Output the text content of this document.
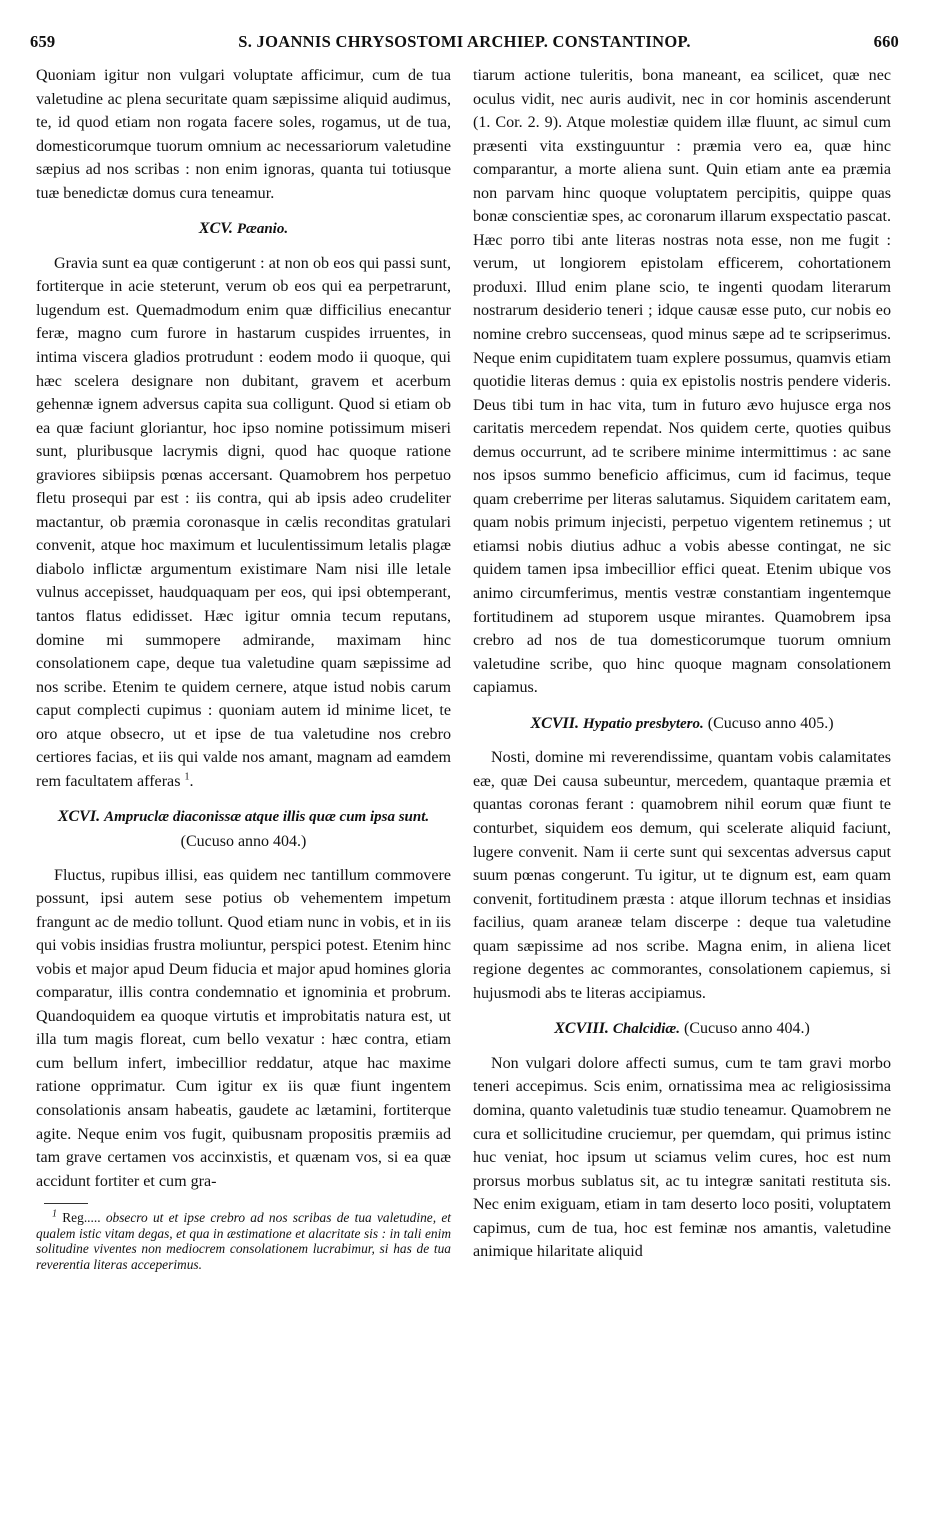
659	S. JOANNIS CHRYSOSTOMI ARCHIEP. CONSTANTINOP.	660

Quoniam igitur non vulgari voluptate afficimur, cum de tua valetudine ac plena securitate quam sæpissime aliquid audimus, te, id quod etiam non rogata facere soles, rogamus, ut de tua, domesticorumque tuorum omnium ac necessariorum valetudine sæpius ad nos scribas : non enim ignoras, quanta tui totiusque tuæ benedictæ domus cura teneamur.

XCV. Pæanio.

Gravia sunt ea quæ contigerunt : at non ob eos qui passi sunt, fortiterque in acie steterunt, verum ob eos qui ea perpetrarunt, lugendum est. Quemadmodum enim quæ difficilius enecantur feræ, magno cum furore in hastarum cuspides irruentes, in intima viscera gladios protrudunt : eodem modo ii quoque, qui hæc scelera designare non dubitant, gravem et acerbum gehennæ ignem adversus capita sua colligunt. Quod si etiam ob ea quæ faciunt gloriantur, hoc ipso nomine potissimum miseri sunt, pluribusque lacrymis digni, quod hac quoque ratione graviores sibiipsis pœnas accersant. Quamobrem hos perpetuo fletu prosequi par est : iis contra, qui ab ipsis adeo crudeliter mactantur, ob præmia coronasque in cælis reconditas gratulari convenit, atque hoc maximum et luculentissimum letalis plagæ diabolo inflictæ argumentum existimare Nam nisi ille letale vulnus accepisset, haudquaquam per eos, qui ipsi obtemperant, tantos flatus edidisset. Hæc igitur omnia tecum reputans, domine mi summopere admirande, maximam hinc consolationem cape, deque tua valetudine quam sæpissime ad nos scribe. Etenim te quidem cernere, atque istud nobis carum caput complecti cupimus : quoniam autem id minime licet, te oro atque obsecro, ut et ipse de tua valetudine nos crebro certiores facias, et iis qui valde nos amant, magnam ad eamdem rem facultatem afferas $^1$.

XCVI. Ampruclæ diaconissæ atque illis quæ cum ipsa sunt. (Cucuso anno 404.)

Fluctus, rupibus illisi, eas quidem nec tantillum commovere possunt, ipsi autem sese potius ob vehementem impetum frangunt ac de medio tollunt. Quod etiam nunc in vobis, et in iis qui vobis insidias frustra moliuntur, perspici potest. Etenim hinc vobis et major apud Deum fiducia et major apud homines gloria comparatur, illis contra condemnatio et ignominia et probrum. Quandoquidem ea quoque virtutis et improbitatis natura est, ut illa tum magis floreat, cum bello vexatur : hæc contra, etiam cum bellum infert, imbecillior reddatur, atque hac maxime ratione opprimatur. Cum igitur ex iis quæ fiunt ingentem consolationis ansam habeatis, gaudete ac lætamini, fortiterque agite. Neque enim vos fugit, quibusnam propositis præmiis ad tam grave certamen vos accinxistis, et quænam vos, si ea quæ accidunt fortiter et cum gra-

$^1$ Reg..... obsecro ut et ipse crebro ad nos scribas de tua valetudine, et qualem istic vitam degas, et qua in æstimatione et alacritate sis : in tali enim solitudine viventes non mediocrem consolationem lucrabimur, si has de tua reverentia literas acceperimus.

tiarum actione tuleritis, bona maneant, ea scilicet, quæ nec oculus vidit, nec auris audivit, nec in cor hominis ascenderunt (1. Cor. 2. 9). Atque molestiæ quidem illæ fluunt, ac simul cum præsenti vita exstinguuntur : præmia vero ea, quæ hinc comparantur, a morte aliena sunt. Quin etiam ante ea præmia non parvam hinc quoque voluptatem percipitis, quippe quas bonæ conscientiæ spes, ac coronarum illarum exspectatio pascat. Hæc porro tibi ante literas nostras nota esse, non me fugit : verum, ut longiorem epistolam efficerem, cohortationem produxi. Illud enim plane scio, te ingenti quodam literarum nostrarum desiderio teneri ; idque causæ esse puto, cur nobis eo nomine crebro succenseas, quod minus sæpe ad te scripserimus. Neque enim cupiditatem tuam explere possumus, quamvis etiam quotidie literas demus : quia ex epistolis nostris pendere videris. Deus tibi tum in hac vita, tum in futuro ævo hujusce erga nos caritatis mercedem rependat. Nos quidem certe, quoties quibus demus occurrunt, ad te scribere minime intermittimus : ac sane nos ipsos summo beneficio afficimus, cum id facimus, teque quam creberrime per literas salutamus. Siquidem caritatem eam, quam nobis primum injecisti, perpetuo vigentem retinemus ; ut etiamsi nobis diutius adhuc a vobis abesse contingat, ne sic quidem tamen ipsa imbecillior effici queat. Etenim ubique vos animo circumferimus, mentis vestræ constantiam ingentemque fortitudinem ad stuporem usque mirantes. Quamobrem ipsa crebro ad nos de tua domesticorumque tuorum omnium valetudine scribe, quo hinc quoque magnam consolationem capiamus.

XCVII. Hypatio presbytero. (Cucuso anno 405.)

Nosti, domine mi reverendissime, quantam vobis calamitates eæ, quæ Dei causa subeuntur, mercedem, quantaque præmia et quantas coronas ferant : quamobrem nihil eorum quæ fiunt te conturbet, siquidem eos demum, qui scelerate aliquid faciunt, lugere convenit. Nam ii certe sunt qui sexcentas adversus caput suum pœnas congerunt. Tu igitur, ut te dignum est, eam quam convenit, fortitudinem præsta : atque illorum technas et insidias facilius, quam araneæ telam discerpe : deque tua valetudine quam sæpissime ad nos scribe. Magna enim, in aliena licet regione degentes ac commorantes, consolationem capiemus, si hujusmodi abs te literas accipiamus.

XCVIII. Chalcidiæ. (Cucuso anno 404.)

Non vulgari dolore affecti sumus, cum te tam gravi morbo teneri accepimus. Scis enim, ornatissima mea ac religiosissima domina, quanto valetudinis tuæ studio teneamur. Quamobrem ne cura et sollicitudine cruciemur, per quemdam, qui primus istinc huc veniat, hoc ipsum ut sciamus velim cures, hoc est num prorsus morbus sublatus sit, ac tu integræ sanitati restituta sis. Nec enim exiguam, etiam in tam deserto loco positi, voluptatem capimus, cum de tua, hoc est feminæ nos amantis, valetudine animique hilaritate aliquid
